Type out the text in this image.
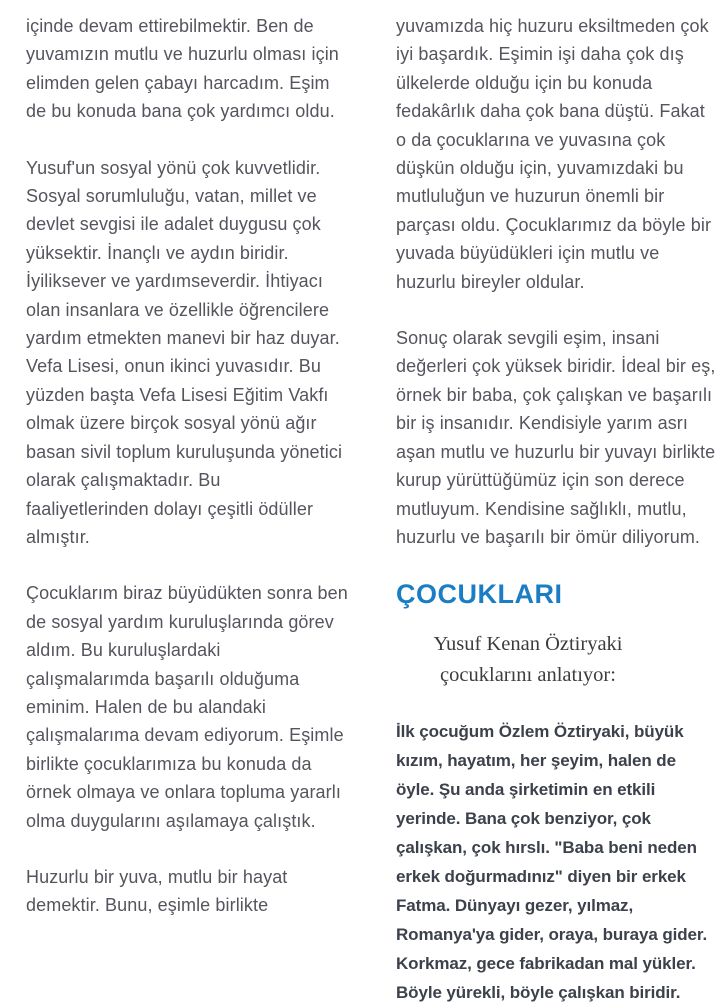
içinde devam ettirebilmektir. Ben de yuvamızın mutlu ve huzurlu olması için elimden gelen çabayı harcadım. Eşim de bu konuda bana çok yardımcı oldu.

Yusuf'un sosyal yönü çok kuvvetlidir. Sosyal sorumluluğu, vatan, millet ve devlet sevgisi ile adalet duygusu çok yüksektir. İnançlı ve aydın biridir. İyiliksever ve yardımseverdir. İhtiyacı olan insanlara ve özellikle öğrencilere yardım etmekten manevi bir haz duyar. Vefa Lisesi, onun ikinci yuvasıdır. Bu yüzden başta Vefa Lisesi Eğitim Vakfı olmak üzere birçok sosyal yönü ağır basan sivil toplum kuruluşunda yönetici olarak çalışmaktadır. Bu faaliyetlerinden dolayı çeşitli ödüller almıştır.

Çocuklarım biraz büyüdükten sonra ben de sosyal yardım kuruluşlarında görev aldım. Bu kuruluşlardaki çalışmalarımda başarılı olduğuma eminim. Halen de bu alandaki çalışmalarıma devam ediyorum. Eşimle birlikte çocuklarımıza bu konuda da örnek olmaya ve onlara topluma yararlı olma duygularını aşılamaya çalıştık.

Huzurlu bir yuva, mutlu bir hayat demektir. Bunu, eşimle birlikte

yuvamızda hiç huzuru eksiltmeden çok iyi başardık. Eşimin işi daha çok dış ülkelerde olduğu için bu konuda fedakârlık daha çok bana düştü. Fakat o da çocuklarına ve yuvasına çok düşkün olduğu için, yuvamızdaki bu mutluluğun ve huzurun önemli bir parçası oldu. Çocuklarımız da böyle bir yuvada büyüdükleri için mutlu ve huzurlu bireyler oldular.

Sonuç olarak sevgili eşim, insani değerleri çok yüksek biridir. İdeal bir eş, örnek bir baba, çok çalışkan ve başarılı bir iş insanıdır. Kendisiyle yarım asrı aşan mutlu ve huzurlu bir yuvayı birlikte kurup yürüttüğümüz için son derece mutluyum. Kendisine sağlıklı, mutlu, huzurlu ve başarılı bir ömür diliyorum.

ÇOCUKLARI
Yusuf Kenan Öztiryaki
çocuklarını anlatıyor:

İlk çocuğum Özlem Öztiryaki, büyük kızım, hayatım, her şeyim, halen de öyle. Şu anda şirketimin en etkili yerinde. Bana çok benziyor, çok çalışkan, çok hırslı. "Baba beni neden erkek doğurmadınız" diyen bir erkek Fatma. Dünyayı gezer, yılmaz, Romanya'ya gider, oraya, buraya gider. Korkmaz, gece fabrikadan mal yükler. Böyle yürekli, böyle çalışkan biridir.
